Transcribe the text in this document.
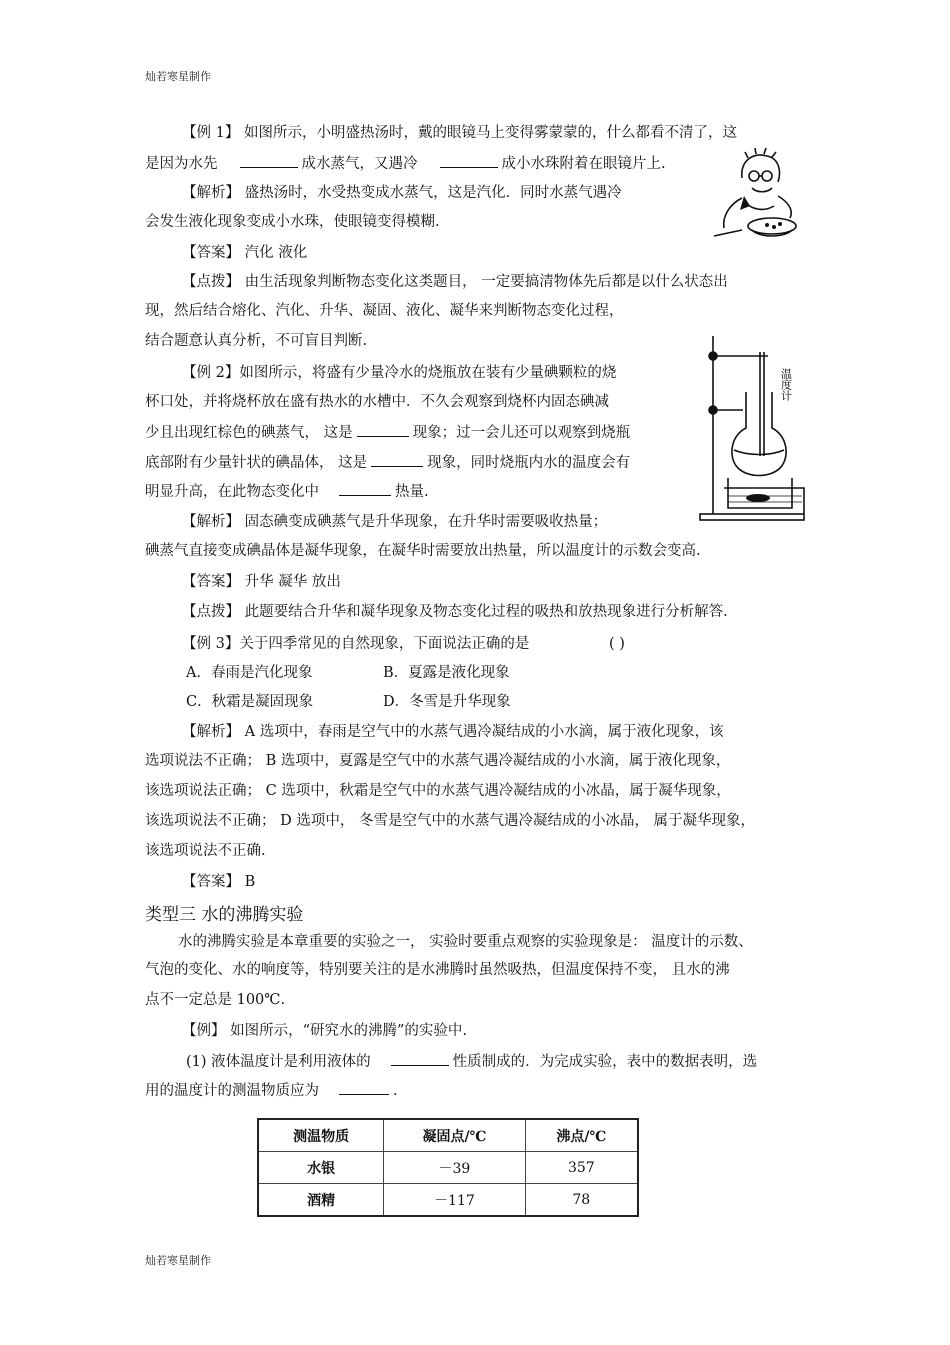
灿若寒星制作
【例 1】 如图所示，小明盛热汤时，戴的眼镜马上变得雾蒙蒙的，什么都看不清了，这
是因为水先	成水蒸气，又遇冷	成小水珠附着在眼镜片上.
【解析】 盛热汤时，水受热变成水蒸气，这是汽化．同时水蒸气遇冷
会发生液化现象变成小水珠，使眼镜变得模糊.
【答案】 汽化 液化
【点拨】 由生活现象判断物态变化这类题目， 一定要搞清物体先后都是以什么状态出
现，然后结合熔化、汽化、升华、凝固、液化、凝华来判断物态变化过程，
结合题意认真分析，不可盲目判断.
【例 2】如图所示，将盛有少量冷水的烧瓶放在装有少量碘颗粒的烧
杯口处，并将烧杯放在盛有热水的水槽中．不久会观察到烧杯内固态碘减
少且出现红棕色的碘蒸气， 这是	现象；过一会儿还可以观察到烧瓶
底部附有少量针状的碘晶体， 这是	现象，同时烧瓶内水的温度会有
明显升高，在此物态变化中	热量.
【解析】 固态碘变成碘蒸气是升华现象，在升华时需要吸收热量；
碘蒸气直接变成碘晶体是凝华现象，在凝华时需要放出热量，所以温度计的示数会变高.
【答案】 升华 凝华 放出
【点拨】 此题要结合升华和凝华现象及物态变化过程的吸热和放热现象进行分析解答.
温度计
【例 3】关于四季常见的自然现象，下面说法正确的是	( )
A．春雨是汽化现象	B．夏露是液化现象
C．秋霜是凝固现象	D．冬雪是升华现象
【解析】 A 选项中，春雨是空气中的水蒸气遇冷凝结成的小水滴，属于液化现象，该
选项说法不正确； B 选项中，夏露是空气中的水蒸气遇冷凝结成的小水滴，属于液化现象，
该选项说法正确； C 选项中，秋霜是空气中的水蒸气遇冷凝结成的小冰晶，属于凝华现象，
该选项说法不正确； D 选项中， 冬雪是空气中的水蒸气遇冷凝结成的小冰晶， 属于凝华现象，
该选项说法不正确.
【答案】 B
类型三 水的沸腾实验
水的沸腾实验是本章重要的实验之一， 实验时要重点观察的实验现象是： 温度计的示数、
气泡的变化、水的响度等，特别要关注的是水沸腾时虽然吸热，但温度保持不变， 且水的沸
点不一定总是 100℃.
【例】 如图所示，“研究水的沸腾”的实验中.
(1) 液体温度计是利用液体的	性质制成的．为完成实验，表中的数据表明，选
用的温度计的测温物质应为	.
测温物质	凝固点/℃	沸点/℃
水银	－39	357
酒精	－117	78
灿若寒星制作
